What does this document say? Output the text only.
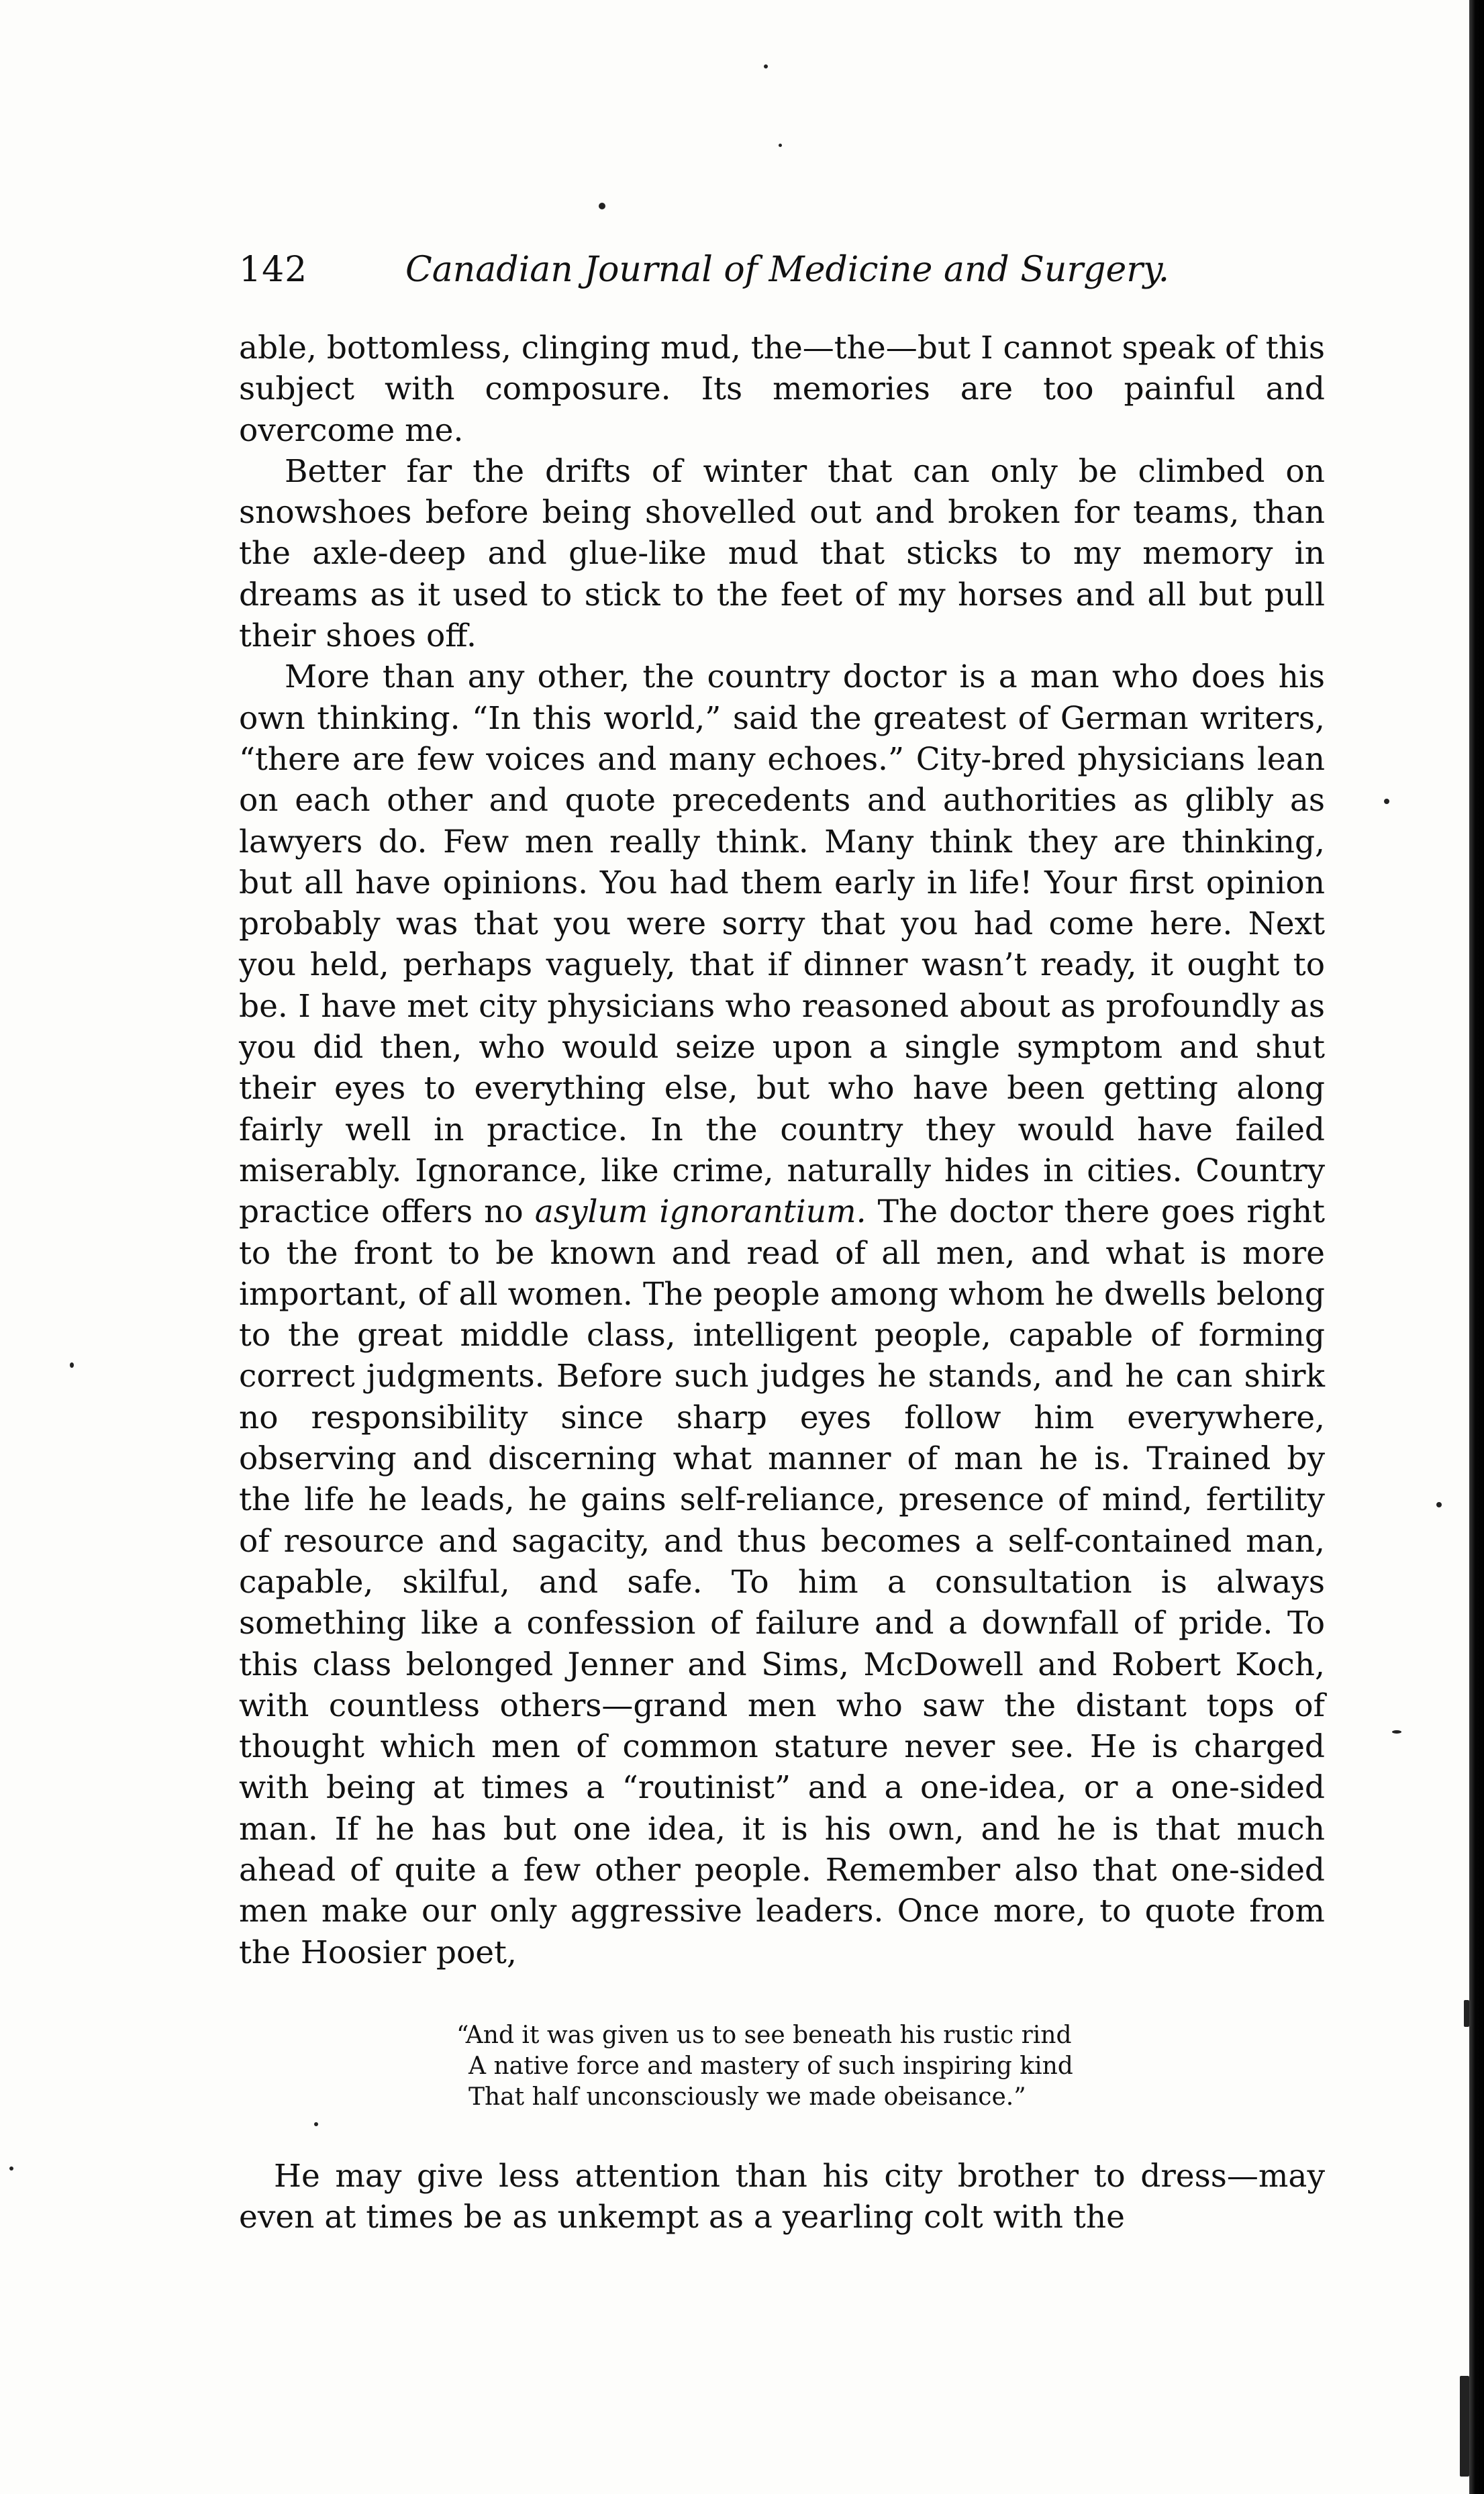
142	Canadian Journal of Medicine and Surgery.

able, bottomless, clinging mud, the—the—but I cannot speak of this subject with composure. Its memories are too painful and overcome me.

Better far the drifts of winter that can only be climbed on snowshoes before being shovelled out and broken for teams, than the axle-deep and glue-like mud that sticks to my memory in dreams as it used to stick to the feet of my horses and all but pull their shoes off.

More than any other, the country doctor is a man who does his own thinking. “In this world,” said the greatest of German writers, “there are few voices and many echoes.” City-bred physicians lean on each other and quote precedents and authorities as glibly as lawyers do. Few men really think. Many think they are thinking, but all have opinions. You had them early in life! Your first opinion probably was that you were sorry that you had come here. Next you held, perhaps vaguely, that if dinner wasn’t ready, it ought to be. I have met city physicians who reasoned about as profoundly as you did then, who would seize upon a single symptom and shut their eyes to everything else, but who have been getting along fairly well in practice. In the country they would have failed miserably. Ignorance, like crime, naturally hides in cities. Country practice offers no asylum ignorantium. The doctor there goes right to the front to be known and read of all men, and what is more important, of all women. The people among whom he dwells belong to the great middle class, intelligent people, capable of forming correct judgments. Before such judges he stands, and he can shirk no responsibility since sharp eyes follow him everywhere, observing and discerning what manner of man he is. Trained by the life he leads, he gains self-reliance, presence of mind, fertility of resource and sagacity, and thus becomes a self-contained man, capable, skilful, and safe. To him a consultation is always something like a confession of failure and a downfall of pride. To this class belonged Jenner and Sims, McDowell and Robert Koch, with countless others—grand men who saw the distant tops of thought which men of common stature never see. He is charged with being at times a “routinist” and a one-idea, or a one-sided man. If he has but one idea, it is his own, and he is that much ahead of quite a few other people. Remember also that one-sided men make our only aggressive leaders. Once more, to quote from the Hoosier poet,

“And it was given us to see beneath his rustic rind
A native force and mastery of such inspiring kind
That half unconsciously we made obeisance.”

He may give less attention than his city brother to dress—may even at times be as unkempt as a yearling colt with the
